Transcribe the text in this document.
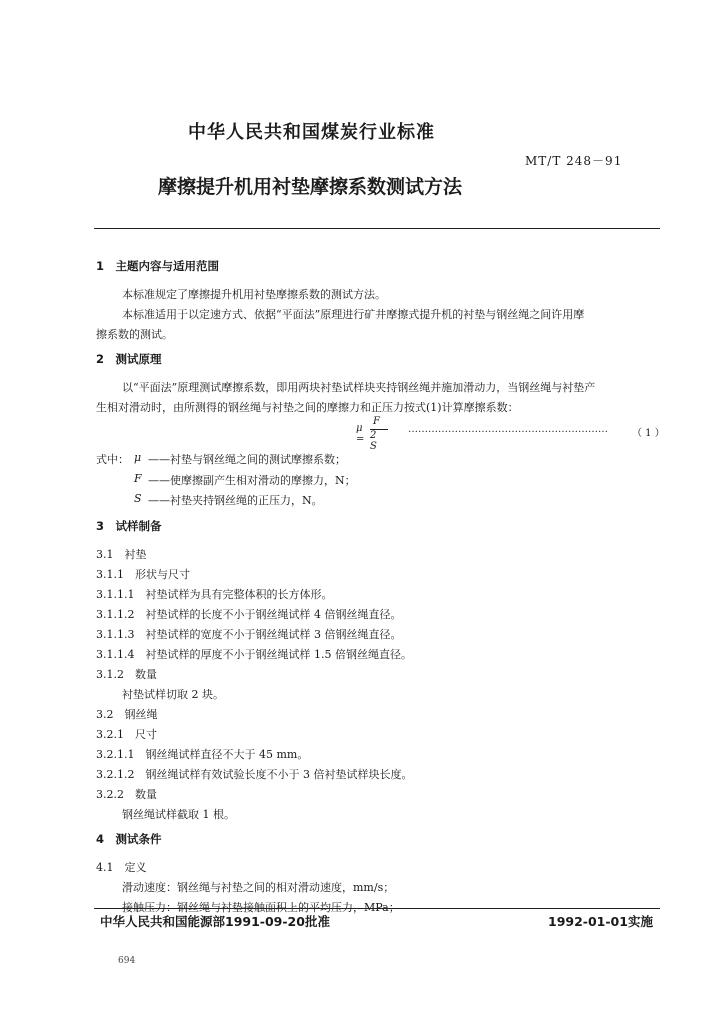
中华人民共和国煤炭行业标准
MT/T 248－91
摩擦提升机用衬垫摩擦系数测试方法
1　主题内容与适用范围
本标准规定了摩擦提升机用衬垫摩擦系数的测试方法。
本标准适用于以定速方式、依据“平面法”原理进行矿井摩擦式提升机的衬垫与钢丝绳之间许用摩
擦系数的测试。
2　测试原理
以“平面法”原理测试摩擦系数，即用两块衬垫试样块夹持钢丝绳并施加滑动力，当钢丝绳与衬垫产
生相对滑动时，由所测得的钢丝绳与衬垫之间的摩擦力和正压力按式(1)计算摩擦系数：
μ =
F
2 S
……………………………………………………	（ 1 ）
式中： μ ——衬垫与钢丝绳之间的测试摩擦系数；
F ——使摩擦副产生相对滑动的摩擦力，N；
S ——衬垫夹持钢丝绳的正压力，N。
3　试样制备
3.1　衬垫
3.1.1　形状与尺寸
3.1.1.1　衬垫试样为具有完整体积的长方体形。
3.1.1.2　衬垫试样的长度不小于钢丝绳试样 4 倍钢丝绳直径。
3.1.1.3　衬垫试样的宽度不小于钢丝绳试样 3 倍钢丝绳直径。
3.1.1.4　衬垫试样的厚度不小于钢丝绳试样 1.5 倍钢丝绳直径。
3.1.2　数量
衬垫试样切取 2 块。
3.2　钢丝绳
3.2.1　尺寸
3.2.1.1　钢丝绳试样直径不大于 45 mm。
3.2.1.2　钢丝绳试样有效试验长度不小于 3 倍衬垫试样块长度。
3.2.2　数量
钢丝绳试样截取 1 根。
4　测试条件
4.1　定义
滑动速度：钢丝绳与衬垫之间的相对滑动速度，mm/s；
接触压力：钢丝绳与衬垫接触面积上的平均压力，MPa；
中华人民共和国能源部1991-09-20批准	1992-01-01实施
694
